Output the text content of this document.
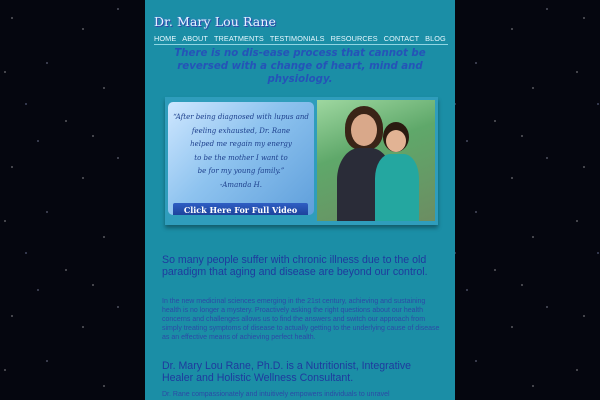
Dr. Mary Lou Rane
HOME ABOUT TREATMENTS TESTIMONIALS RESOURCES CONTACT BLOG
There is no dis-ease process that cannot be reversed with a change of heart, mind and physiology.
“After being diagnosed with lupus and
feeling exhausted, Dr. Rane
helped me regain my energy
to be the mother I want to
be for my young family.”
-Amanda H.
Click Here For Full Video
So many people suffer with chronic illness due to the old paradigm that aging and disease are beyond our control.
In the new medicinal sciences emerging in the 21st century, achieving and sustaining health is no longer a mystery. Proactively asking the right questions about our health concerns and challenges allows us to find the answers and switch our approach from simply treating symptoms of disease to actually getting to the underlying cause of disease as an effective means of achieving perfect health.
Dr. Mary Lou Rane, Ph.D. is a Nutritionist, Integrative Healer and Holistic Wellness Consultant.
Dr. Rane compassionately and intuitively empowers individuals to unravel
